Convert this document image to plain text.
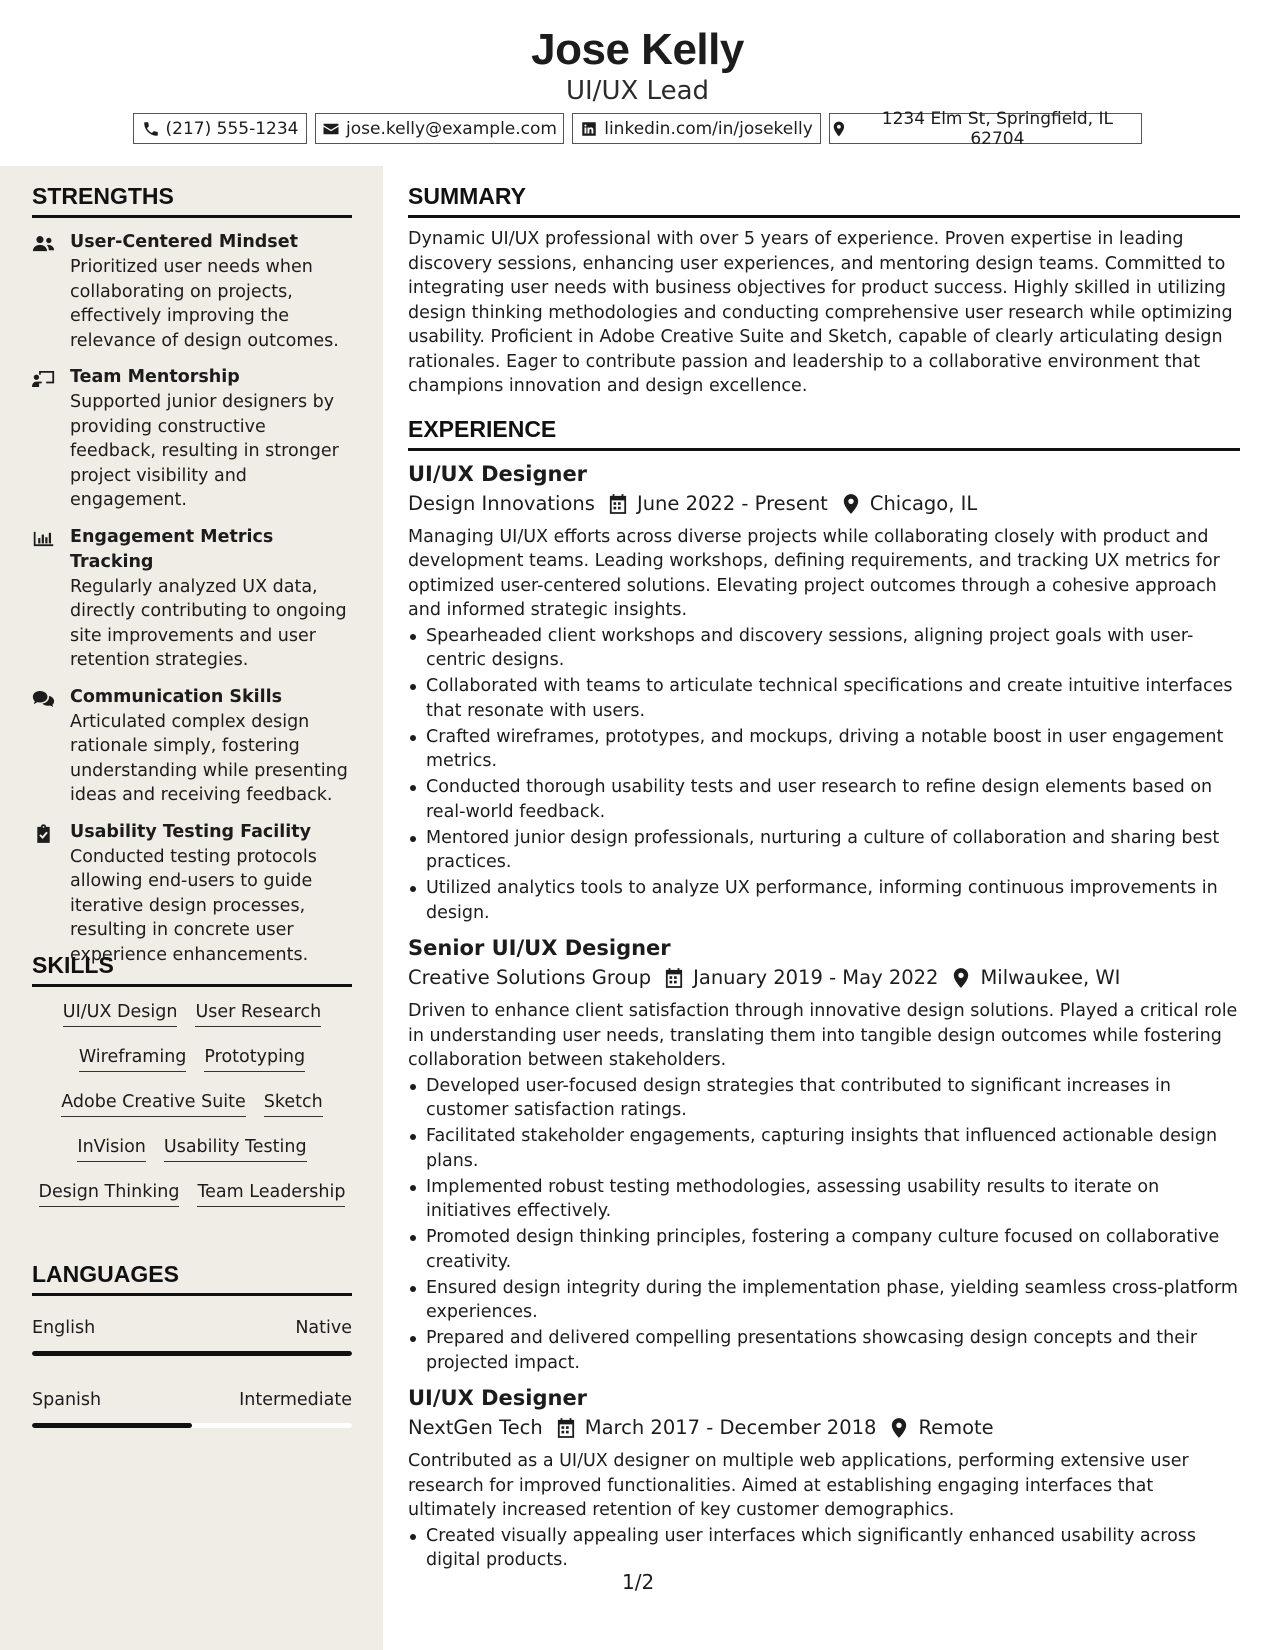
Jose Kelly
UI/UX Lead
(217) 555-1234	jose.kelly@example.com	linkedin.com/in/josekelly	1234 Elm St, Springfield, IL 62704
STRENGTHS
User-Centered Mindset
Prioritized user needs when collaborating on projects, effectively improving the relevance of design outcomes.
Team Mentorship
Supported junior designers by providing constructive feedback, resulting in stronger project visibility and engagement.
Engagement Metrics Tracking
Regularly analyzed UX data, directly contributing to ongoing site improvements and user retention strategies.
Communication Skills
Articulated complex design rationale simply, fostering understanding while presenting ideas and receiving feedback.
Usability Testing Facility
Conducted testing protocols allowing end-users to guide iterative design processes, resulting in concrete user experience enhancements.
SKILLS
UI/UX Design User Research
Wireframing Prototyping
Adobe Creative Suite Sketch
InVision Usability Testing
Design Thinking Team Leadership
LANGUAGES
English	Native
Spanish	Intermediate
SUMMARY
Dynamic UI/UX professional with over 5 years of experience. Proven expertise in leading discovery sessions, enhancing user experiences, and mentoring design teams. Committed to integrating user needs with business objectives for product success. Highly skilled in utilizing design thinking methodologies and conducting comprehensive user research while optimizing usability. Proficient in Adobe Creative Suite and Sketch, capable of clearly articulating design rationales. Eager to contribute passion and leadership to a collaborative environment that champions innovation and design excellence.
EXPERIENCE
UI/UX Designer
Design Innovations June 2022 - Present Chicago, IL
Managing UI/UX efforts across diverse projects while collaborating closely with product and development teams. Leading workshops, defining requirements, and tracking UX metrics for optimized user-centered solutions. Elevating project outcomes through a cohesive approach and informed strategic insights.
Spearheaded client workshops and discovery sessions, aligning project goals with user-centric designs.
Collaborated with teams to articulate technical specifications and create intuitive interfaces that resonate with users.
Crafted wireframes, prototypes, and mockups, driving a notable boost in user engagement metrics.
Conducted thorough usability tests and user research to refine design elements based on real-world feedback.
Mentored junior design professionals, nurturing a culture of collaboration and sharing best practices.
Utilized analytics tools to analyze UX performance, informing continuous improvements in design.
Senior UI/UX Designer
Creative Solutions Group January 2019 - May 2022 Milwaukee, WI
Driven to enhance client satisfaction through innovative design solutions. Played a critical role in understanding user needs, translating them into tangible design outcomes while fostering collaboration between stakeholders.
Developed user-focused design strategies that contributed to significant increases in customer satisfaction ratings.
Facilitated stakeholder engagements, capturing insights that influenced actionable design plans.
Implemented robust testing methodologies, assessing usability results to iterate on initiatives effectively.
Promoted design thinking principles, fostering a company culture focused on collaborative creativity.
Ensured design integrity during the implementation phase, yielding seamless cross-platform experiences.
Prepared and delivered compelling presentations showcasing design concepts and their projected impact.
UI/UX Designer
NextGen Tech March 2017 - December 2018 Remote
Contributed as a UI/UX designer on multiple web applications, performing extensive user research for improved functionalities. Aimed at establishing engaging interfaces that ultimately increased retention of key customer demographics.
Created visually appealing user interfaces which significantly enhanced usability across digital products.
1/2
